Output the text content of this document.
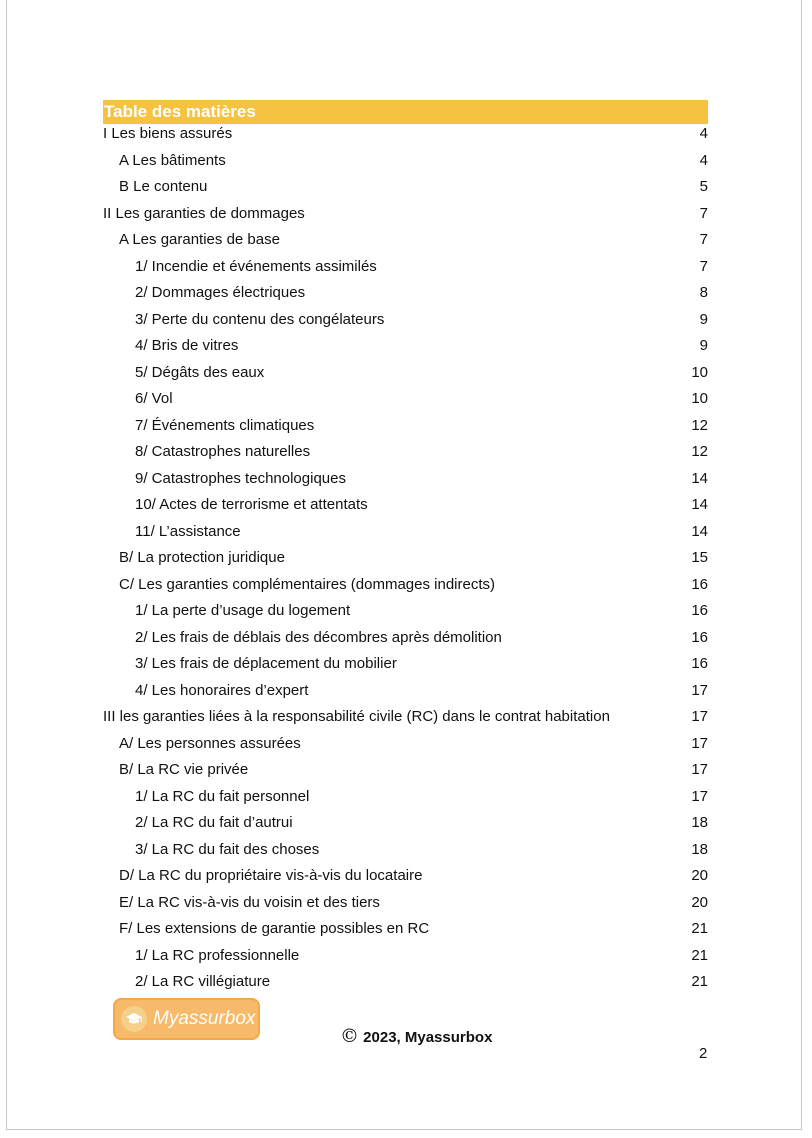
Table des matières
I Les biens assurés	4
A Les bâtiments	4
B Le contenu	5
II Les garanties de dommages	7
A Les garanties de base	7
1/ Incendie et événements assimilés	7
2/ Dommages électriques	8
3/ Perte du contenu des congélateurs	9
4/ Bris de vitres	9
5/ Dégâts des eaux	10
6/ Vol	10
7/ Événements climatiques	12
8/ Catastrophes naturelles	12
9/ Catastrophes technologiques	14
10/ Actes de terrorisme et attentats	14
11/ L’assistance	14
B/ La protection juridique	15
C/ Les garanties complémentaires (dommages indirects)	16
1/ La perte d’usage du logement	16
2/ Les frais de déblais des décombres après démolition	16
3/ Les frais de déplacement du mobilier	16
4/ Les honoraires d’expert	17
III les garanties liées à la responsabilité civile (RC) dans le contrat habitation	17
A/ Les personnes assurées	17
B/ La RC vie privée	17
1/ La RC du fait personnel	17
2/ La RC du fait d’autrui	18
3/ La RC du fait des choses	18
D/ La RC du propriétaire vis-à-vis du locataire	20
E/ La RC vis-à-vis du voisin et des tiers	20
F/ Les extensions de garantie possibles en RC	21
1/ La RC professionnelle	21
2/ La RC villégiature	21
Myassurbox
© 2023, Myassurbox
2
